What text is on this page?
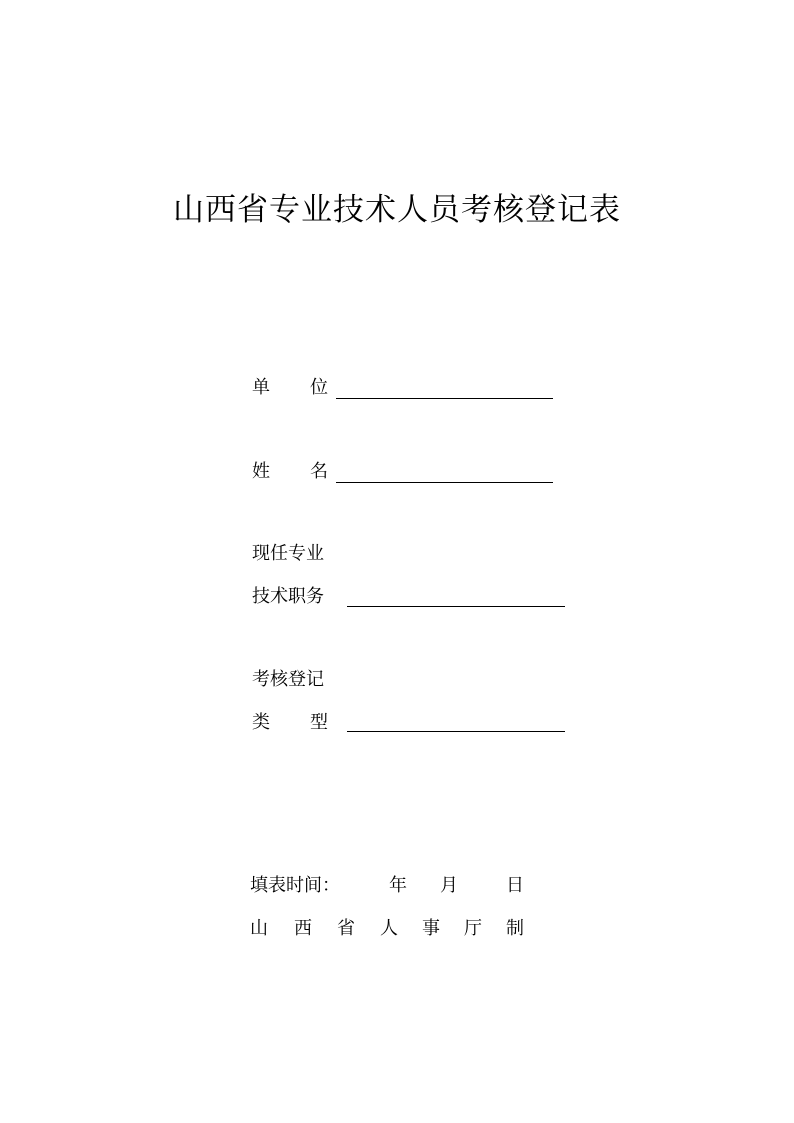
山西省专业技术人员考核登记表
单　位
姓　名
现任专业
技术职务
考核登记
类　型
填表时间：	年 月	日
山 西 省 人 事 厅 制
